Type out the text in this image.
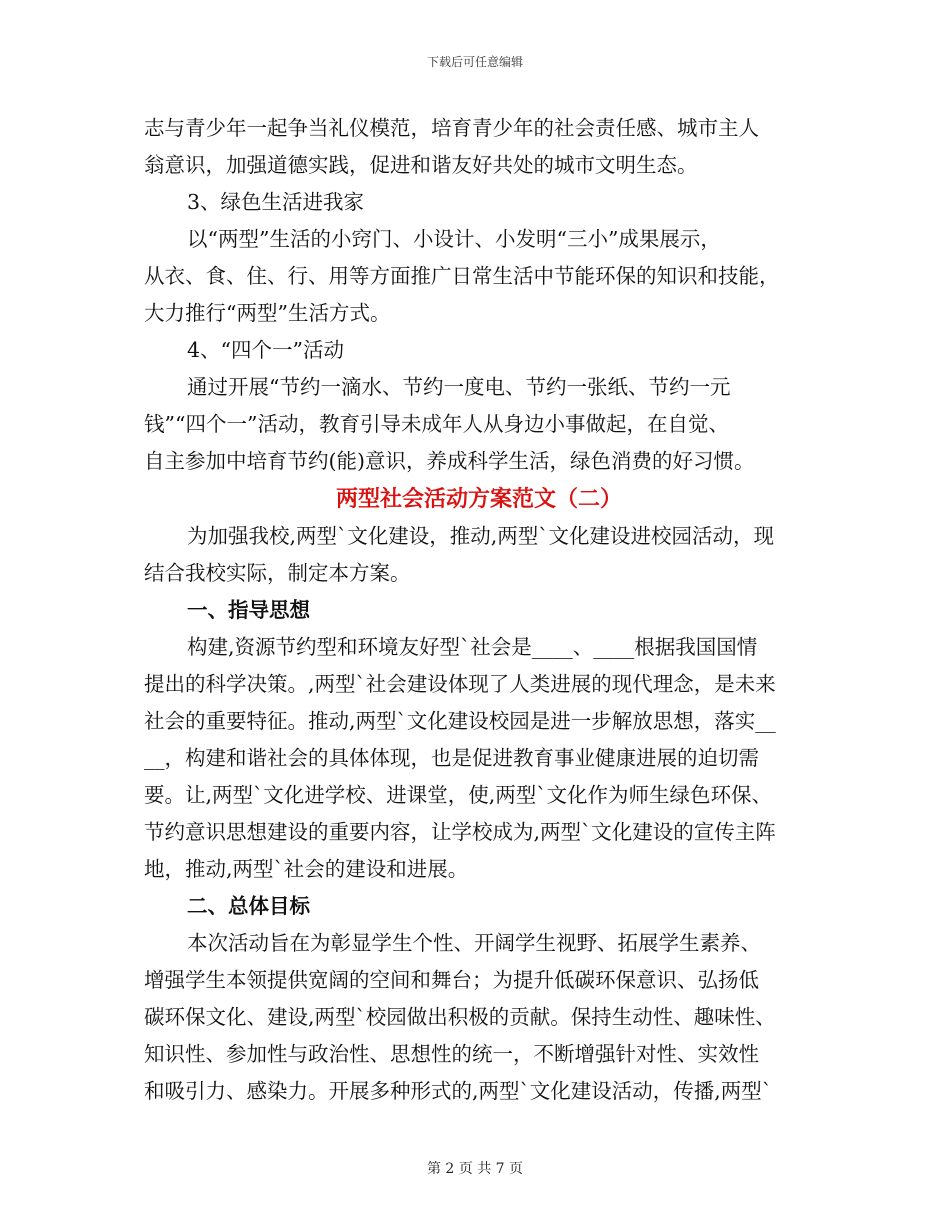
下载后可任意编辑
志与青少年一起争当礼仪模范，培育青少年的社会责任感、城市主人
翁意识，加强道德实践，促进和谐友好共处的城市文明生态。
3、绿色生活进我家
以“两型”生活的小窍门、小设计、小发明“三小”成果展示，
从衣、食、住、行、用等方面推广日常生活中节能环保的知识和技能，
大力推行“两型”生活方式。
4、“四个一”活动
通过开展“节约一滴水、节约一度电、节约一张纸、节约一元
钱”“四个一”活动，教育引导未成年人从身边小事做起，在自觉、
自主参加中培育节约(能)意识，养成科学生活，绿色消费的好习惯。
两型社会活动方案范文（二）
为加强我校,两型`文化建设，推动,两型`文化建设进校园活动，现
结合我校实际，制定本方案。
一、指导思想
构建,资源节约型和环境友好型`社会是____、____根据我国国情
提出的科学决策。,两型`社会建设体现了人类进展的现代理念，是未来
社会的重要特征。推动,两型`文化建设校园是进一步解放思想，落实__
__，构建和谐社会的具体体现，也是促进教育事业健康进展的迫切需
要。让,两型`文化进学校、进课堂，使,两型`文化作为师生绿色环保、
节约意识思想建设的重要内容，让学校成为,两型`文化建设的宣传主阵
地，推动,两型`社会的建设和进展。
二、总体目标
本次活动旨在为彰显学生个性、开阔学生视野、拓展学生素养、
增强学生本领提供宽阔的空间和舞台；为提升低碳环保意识、弘扬低
碳环保文化、建设,两型`校园做出积极的贡献。保持生动性、趣味性、
知识性、参加性与政治性、思想性的统一，不断增强针对性、实效性
和吸引力、感染力。开展多种形式的,两型`文化建设活动，传播,两型`
第 2 页 共 7 页
